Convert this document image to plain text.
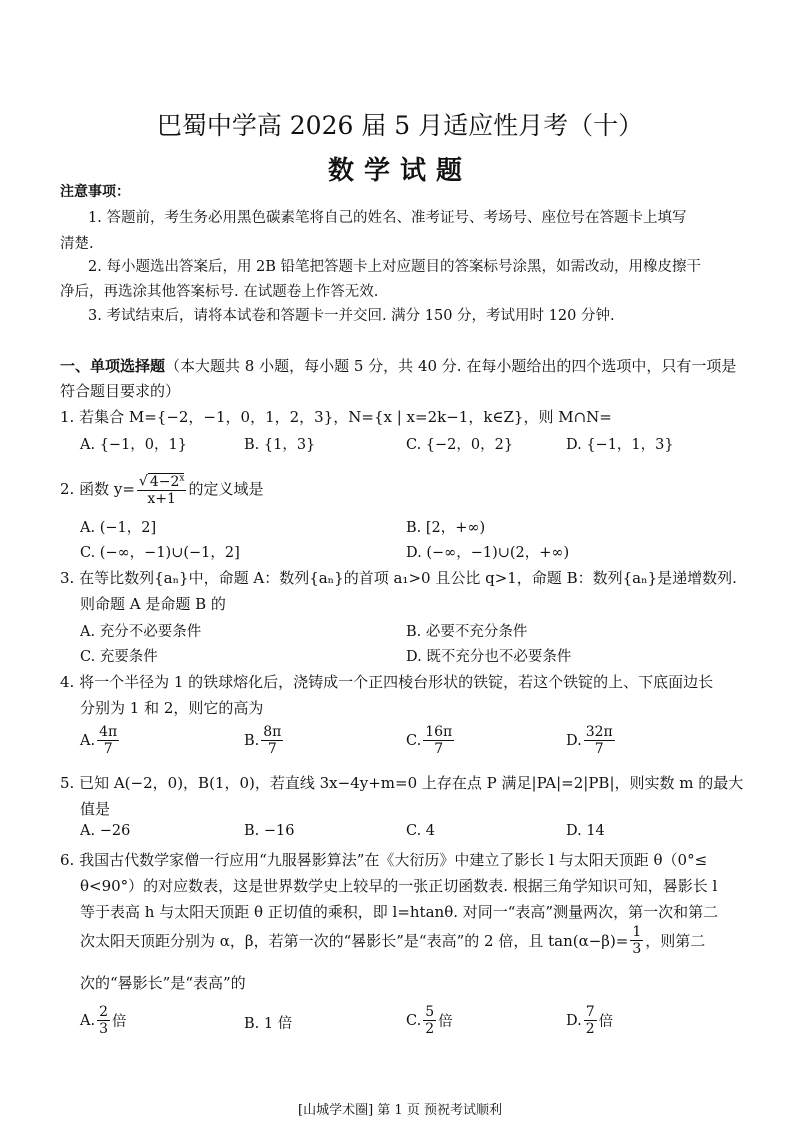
巴蜀中学高 2026 届 5 月适应性月考（十）
数学试题
注意事项：
1. 答题前，考生务必用黑色碳素笔将自己的姓名、准考证号、考场号、座位号在答题卡上填写
清楚.
2. 每小题选出答案后，用 2B 铅笔把答题卡上对应题目的答案标号涂黑，如需改动，用橡皮擦干
净后，再选涂其他答案标号. 在试题卷上作答无效.
3. 考试结束后，请将本试卷和答题卡一并交回. 满分 150 分，考试用时 120 分钟.
一、单项选择题（本大题共 8 小题，每小题 5 分，共 40 分. 在每小题给出的四个选项中，只有一项是
符合题目要求的）
1. 若集合 M={−2，−1，0，1，2，3}，N={x | x=2k−1，k∈Z}，则 M∩N=
A. {−1，0，1}	B. {1，3}	C. {−2，0，2}	D. {−1，1，3}
2. 函数 $y= \frac{√ 4-2^x}{x+1}$ 的定义域是
A. (−1，2]	B. [2，+∞)
C. (−∞，−1)∪(−1，2]	D. (−∞，−1)∪(2，+∞)
3. 在等比数列{aₙ}中，命题 A：数列{aₙ}的首项 a₁>0 且公比 q>1，命题 B：数列{aₙ}是递增数列.
则命题 A 是命题 B 的
A. 充分不必要条件	B. 必要不充分条件
C. 充要条件	D. 既不充分也不必要条件
4. 将一个半径为 1 的铁球熔化后，浇铸成一个正四棱台形状的铁锭，若这个铁锭的上、下底面边长
分别为 1 和 2，则它的高为
A. $\frac{4\pi}{7}$	B. $\frac{8\pi}{7}$	C. $\frac{16\pi}{7}$	D. $\frac{32\pi}{7}$
5. 已知 A(−2，0)，B(1，0)，若直线 3x−4y+m=0 上存在点 P 满足|PA|=2|PB|，则实数 m 的最大
值是
A. −26	B. −16	C. 4	D. 14
6. 我国古代数学家僧一行应用“九服晷影算法”在《大衍历》中建立了影长 l 与太阳天顶距 θ（0°≤
θ<90°）的对应数表，这是世界数学史上较早的一张正切函数表. 根据三角学知识可知，晷影长 l
等于表高 h 与太阳天顶距 θ 正切值的乘积，即 l=htanθ. 对同一“表高”测量两次，第一次和第二
次太阳天顶距分别为 α，β，若第一次的“晷影长”是“表高”的 2 倍，且 $\tan(\alpha-\beta)= \frac{1}{3}$ ，则第二
次的“晷影长”是“表高”的
A. $\frac{2}{3}$ 倍	B. 1 倍	C. $\frac{5}{2}$ 倍	D. $\frac{7}{2}$ 倍
[山城学术圈] 第 1 页 预祝考试顺利
